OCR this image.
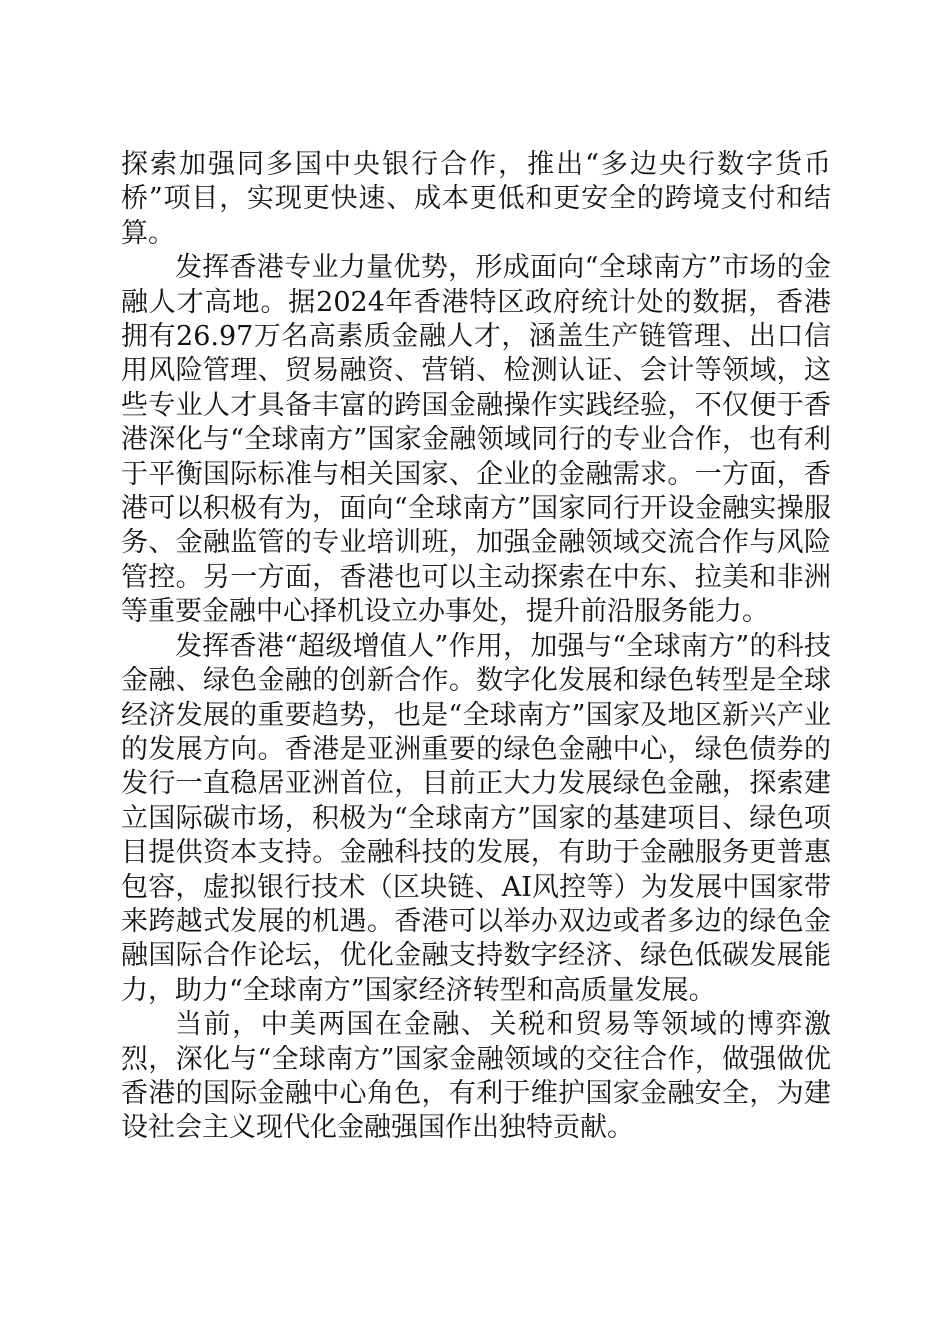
探索加强同多国中央银行合作，推出“多边央行数字货币桥”项目，实现更快速、成本更低和更安全的跨境支付和结算。

发挥香港专业力量优势，形成面向“全球南方”市场的金融人才高地。据2024年香港特区政府统计处的数据，香港拥有26.97万名高素质金融人才，涵盖生产链管理、出口信用风险管理、贸易融资、营销、检测认证、会计等领域，这些专业人才具备丰富的跨国金融操作实践经验，不仅便于香港深化与“全球南方”国家金融领域同行的专业合作，也有利于平衡国际标准与相关国家、企业的金融需求。一方面，香港可以积极有为，面向“全球南方”国家同行开设金融实操服务、金融监管的专业培训班，加强金融领域交流合作与风险管控。另一方面，香港也可以主动探索在中东、拉美和非洲等重要金融中心择机设立办事处，提升前沿服务能力。

发挥香港“超级增值人”作用，加强与“全球南方”的科技金融、绿色金融的创新合作。数字化发展和绿色转型是全球经济发展的重要趋势，也是“全球南方”国家及地区新兴产业的发展方向。香港是亚洲重要的绿色金融中心，绿色债券的发行一直稳居亚洲首位，目前正大力发展绿色金融，探索建立国际碳市场，积极为“全球南方”国家的基建项目、绿色项目提供资本支持。金融科技的发展，有助于金融服务更普惠包容，虚拟银行技术（区块链、AI风控等）为发展中国家带来跨越式发展的机遇。香港可以举办双边或者多边的绿色金融国际合作论坛，优化金融支持数字经济、绿色低碳发展能力，助力“全球南方”国家经济转型和高质量发展。

当前，中美两国在金融、关税和贸易等领域的博弈激烈，深化与“全球南方”国家金融领域的交往合作，做强做优香港的国际金融中心角色，有利于维护国家金融安全，为建设社会主义现代化金融强国作出独特贡献。
